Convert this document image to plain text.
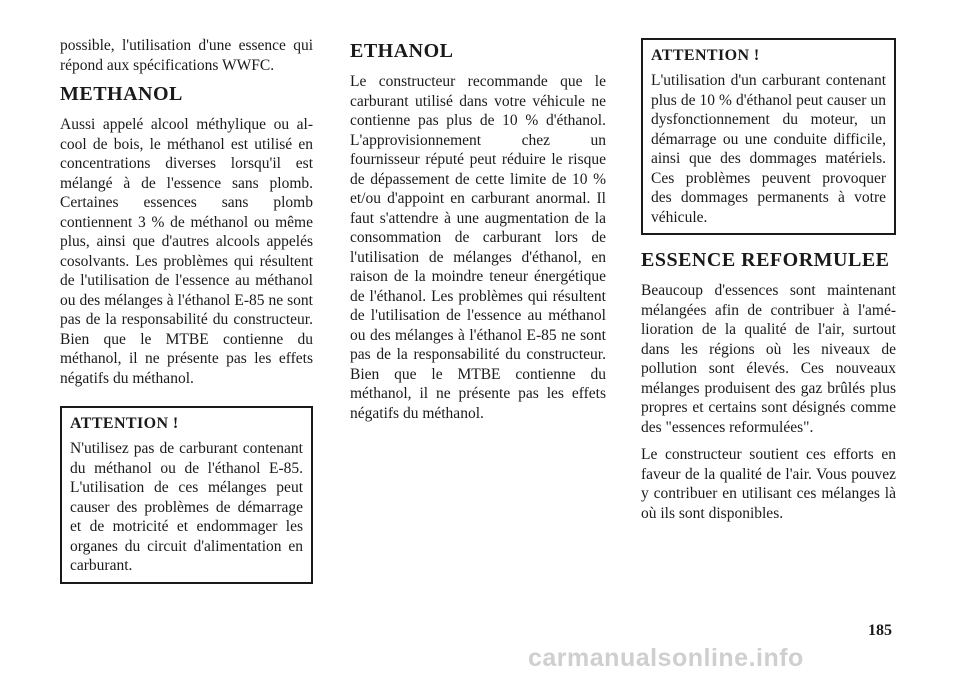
possible, l'utilisation d'une essence qui répond aux spécifications WWFC.

METHANOL

Aussi appelé alcool méthylique ou alcool de bois, le méthanol est utilisé en concentrations diverses lorsqu'il est mélangé à de l'essence sans plomb. Certaines essences sans plomb contiennent 3 % de méthanol ou même plus, ainsi que d'autres alcools appelés cosolvants. Les problèmes qui résultent de l'utilisation de l'essence au méthanol ou des mélanges à l'éthanol E-85 ne sont pas de la responsabilité du constructeur. Bien que le MTBE contienne du méthanol, il ne présente pas les effets négatifs du méthanol.

ATTENTION !

N'utilisez pas de carburant contenant du méthanol ou de l'éthanol E-85. L'utilisation de ces mélanges peut causer des problèmes de démarrage et de motricité et endommager les organes du circuit d'alimentation en carburant.

ETHANOL

Le constructeur recommande que le carburant utilisé dans votre véhicule ne contienne pas plus de 10 % d'éthanol. L'approvisionnement chez un fournisseur réputé peut réduire le risque de dépassement de cette limite de 10 % et/ou d'appoint en carburant anormal. Il faut s'attendre à une augmentation de la consommation de carburant lors de l'utilisation de mélanges d'éthanol, en raison de la moindre teneur énergétique de l'éthanol. Les problèmes qui résultent de l'utilisation de l'essence au méthanol ou des mélanges à l'éthanol E-85 ne sont pas de la responsabilité du constructeur. Bien que le MTBE contienne du méthanol, il ne présente pas les effets négatifs du méthanol.

ATTENTION !

L'utilisation d'un carburant contenant plus de 10 % d'éthanol peut causer un dysfonctionnement du moteur, un démarrage ou une conduite difficile, ainsi que des dommages matériels. Ces problèmes peuvent provoquer des dommages permanents à votre véhicule.

ESSENCE REFORMULEE

Beaucoup d'essences sont maintenant mélangées afin de contribuer à l'amélioration de la qualité de l'air, surtout dans les régions où les niveaux de pollution sont élevés. Ces nouveaux mélanges produisent des gaz brûlés plus propres et certains sont désignés comme des "essences reformulées".

Le constructeur soutient ces efforts en faveur de la qualité de l'air. Vous pouvez y contribuer en utilisant ces mélanges là où ils sont disponibles.

185
carmanualsonline.info
